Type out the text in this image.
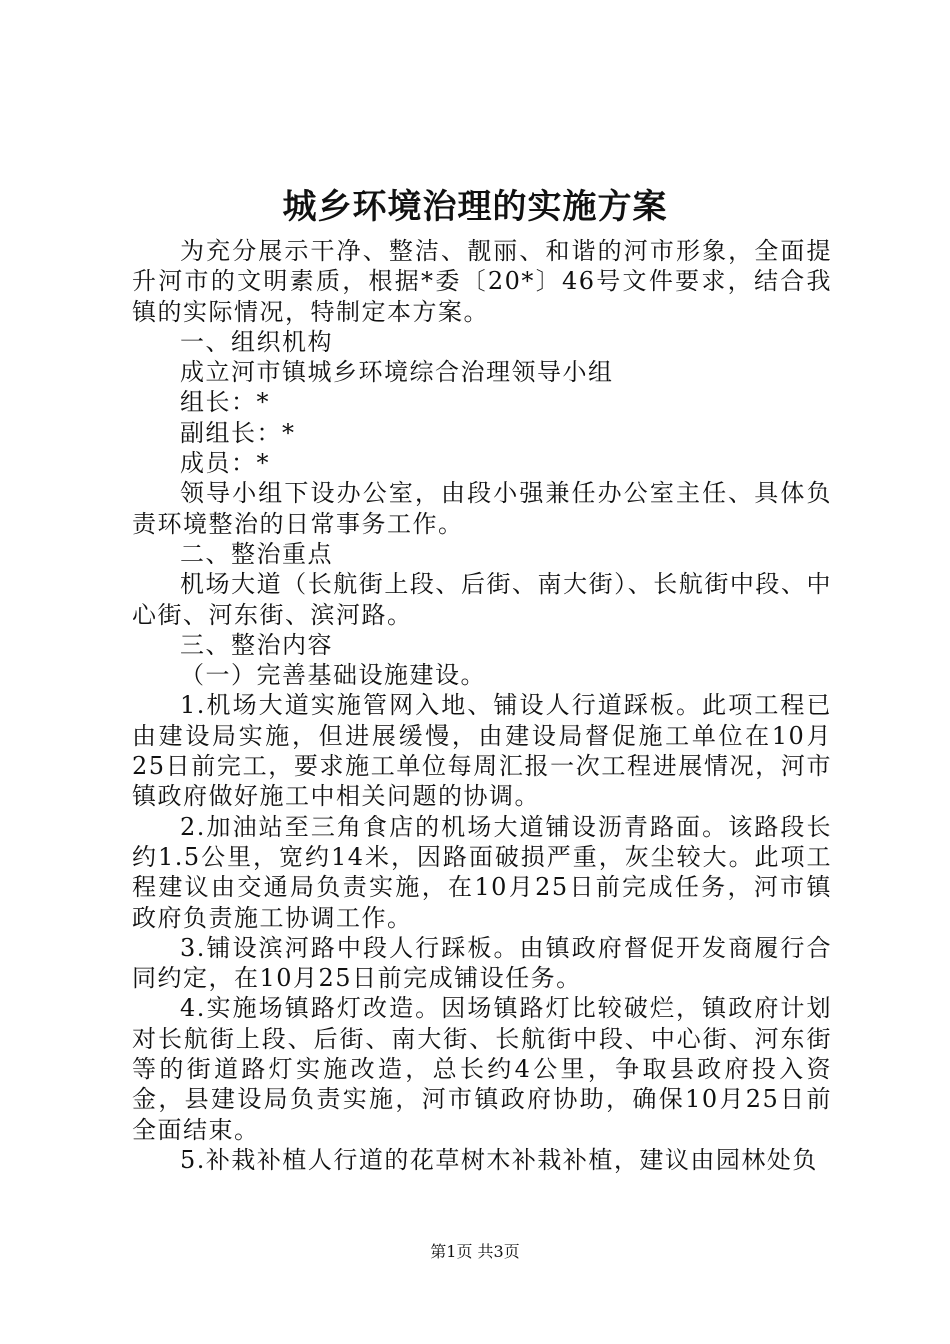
城乡环境治理的实施方案

为充分展示干净、整洁、靓丽、和谐的河市形象，全面提升河市的文明素质，根据*委〔20*〕46号文件要求，结合我镇的实际情况，特制定本方案。

一、组织机构

成立河市镇城乡环境综合治理领导小组

组长：*

副组长：*

成员：*

领导小组下设办公室，由段小强兼任办公室主任、具体负责环境整治的日常事务工作。

二、整治重点

机场大道（长航街上段、后街、南大街）、长航街中段、中心街、河东街、滨河路。

三、整治内容

（一）完善基础设施建设。

1.机场大道实施管网入地、铺设人行道踩板。此项工程已由建设局实施，但进展缓慢，由建设局督促施工单位在10月25日前完工，要求施工单位每周汇报一次工程进展情况，河市镇政府做好施工中相关问题的协调。

2.加油站至三角食店的机场大道铺设沥青路面。该路段长约1.5公里，宽约14米，因路面破损严重，灰尘较大。此项工程建议由交通局负责实施，在10月25日前完成任务，河市镇政府负责施工协调工作。

3.铺设滨河路中段人行踩板。由镇政府督促开发商履行合同约定，在10月25日前完成铺设任务。

4.实施场镇路灯改造。因场镇路灯比较破烂，镇政府计划对长航街上段、后街、南大街、长航街中段、中心街、河东街等的街道路灯实施改造，总长约4公里，争取县政府投入资金，县建设局负责实施，河市镇政府协助，确保10月25日前全面结束。

5.补栽补植人行道的花草树木补栽补植，建议由园林处负

第1页 共3页
